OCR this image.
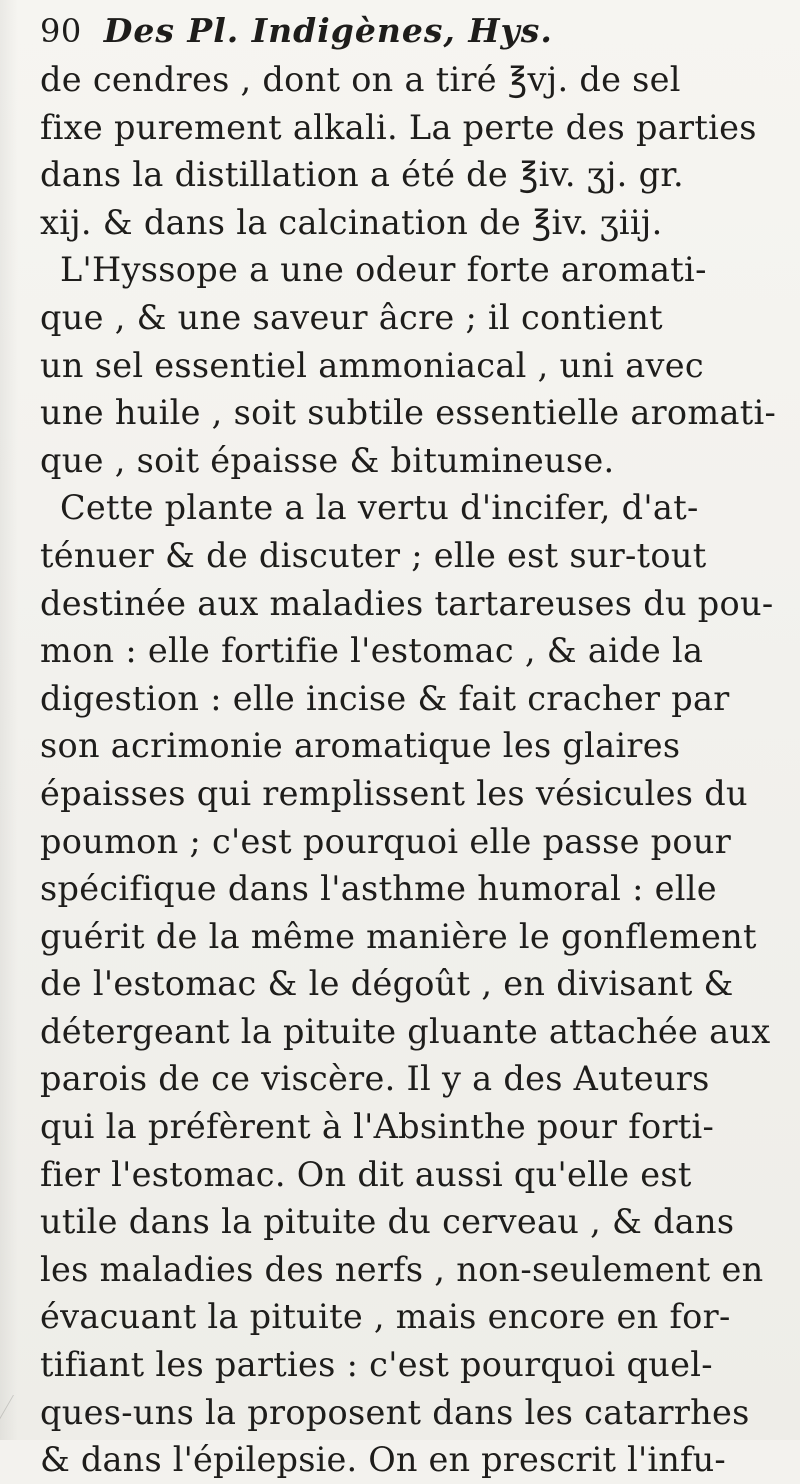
90 Des Pl. Indigènes, Hys.
de cendres , dont on a tiré ℥vj. de sel
fixe purement alkali. La perte des parties
dans la distillation a été de ℥iv. ʒj. gr.
xij. & dans la calcination de ℥iv. ʒiij.
L'Hyssope a une odeur forte aromati-
que , & une saveur âcre ; il contient
un sel essentiel ammoniacal , uni avec
une huile , soit subtile essentielle aromati-
que , soit épaisse & bitumineuse.
Cette plante a la vertu d'incifer, d'at-
ténuer & de discuter ; elle est sur-tout
destinée aux maladies tartareuses du pou-
mon : elle fortifie l'estomac , & aide la
digestion : elle incise & fait cracher par
son acrimonie aromatique les glaires
épaisses qui remplissent les vésicules du
poumon ; c'est pourquoi elle passe pour
spécifique dans l'asthme humoral : elle
guérit de la même manière le gonflement
de l'estomac & le dégoût , en divisant &
détergeant la pituite gluante attachée aux
parois de ce viscère. Il y a des Auteurs
qui la préfèrent à l'Absinthe pour forti-
fier l'estomac. On dit aussi qu'elle est
utile dans la pituite du cerveau , & dans
les maladies des nerfs , non-seulement en
évacuant la pituite , mais encore en for-
tifiant les parties : c'est pourquoi quel-
ques-uns la proposent dans les catarrhes
& dans l'épilepsie. On en prescrit l'infu-
